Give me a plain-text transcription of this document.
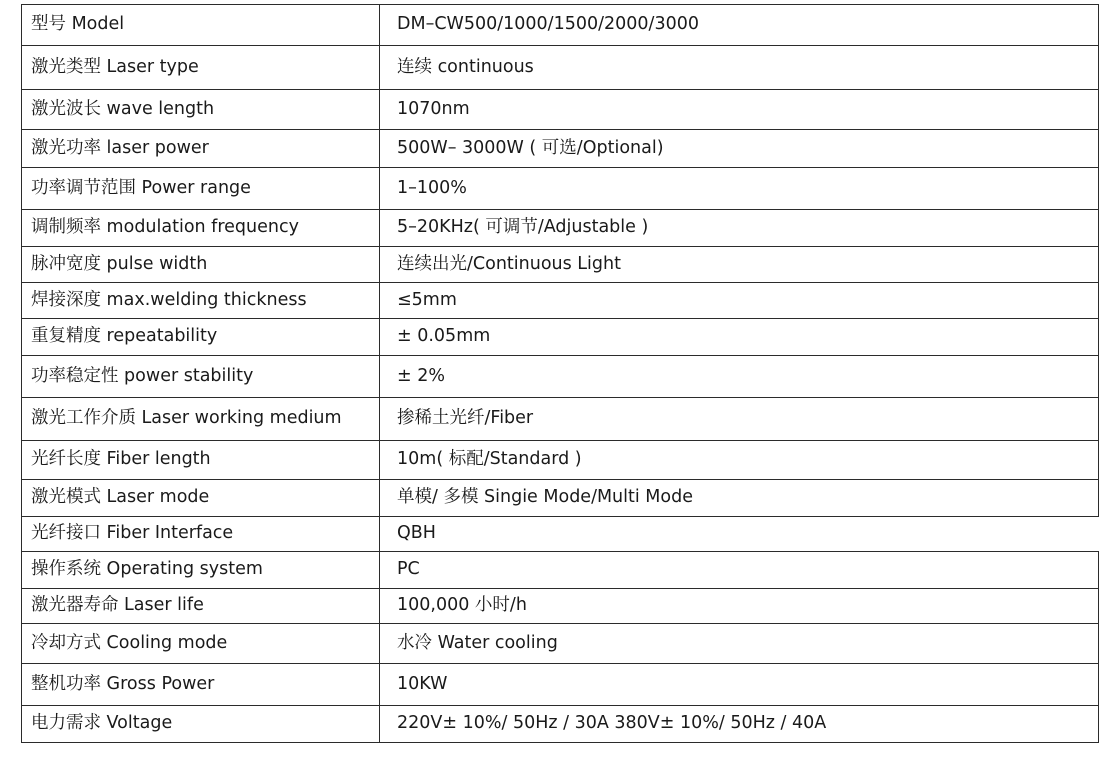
型号 Model	DM–CW500/1000/1500/2000/3000
激光类型 Laser type	连续 continuous
激光波长 wave length	1070nm
激光功率 laser power	500W– 3000W ( 可选/Optional)
功率调节范围 Power range	1–100%
调制频率 modulation frequency	5–20KHz( 可调节/Adjustable )
脉冲宽度 pulse width	连续出光/Continuous Light
焊接深度 max.welding thickness	≤5mm
重复精度 repeatability	± 0.05mm
功率稳定性 power stability	± 2%
激光工作介质 Laser working medium	掺稀土光纤/Fiber
光纤长度 Fiber length	10m( 标配/Standard )
激光模式 Laser mode	单模/ 多模 Singie Mode/Multi Mode
光纤接口 Fiber Interface	QBH
操作系统 Operating system	PC
激光器寿命 Laser life	100,000 小时/h
冷却方式 Cooling mode	水冷 Water cooling
整机功率 Gross Power	10KW
电力需求 Voltage	220V± 10%/ 50Hz / 30A 380V± 10%/ 50Hz / 40A
